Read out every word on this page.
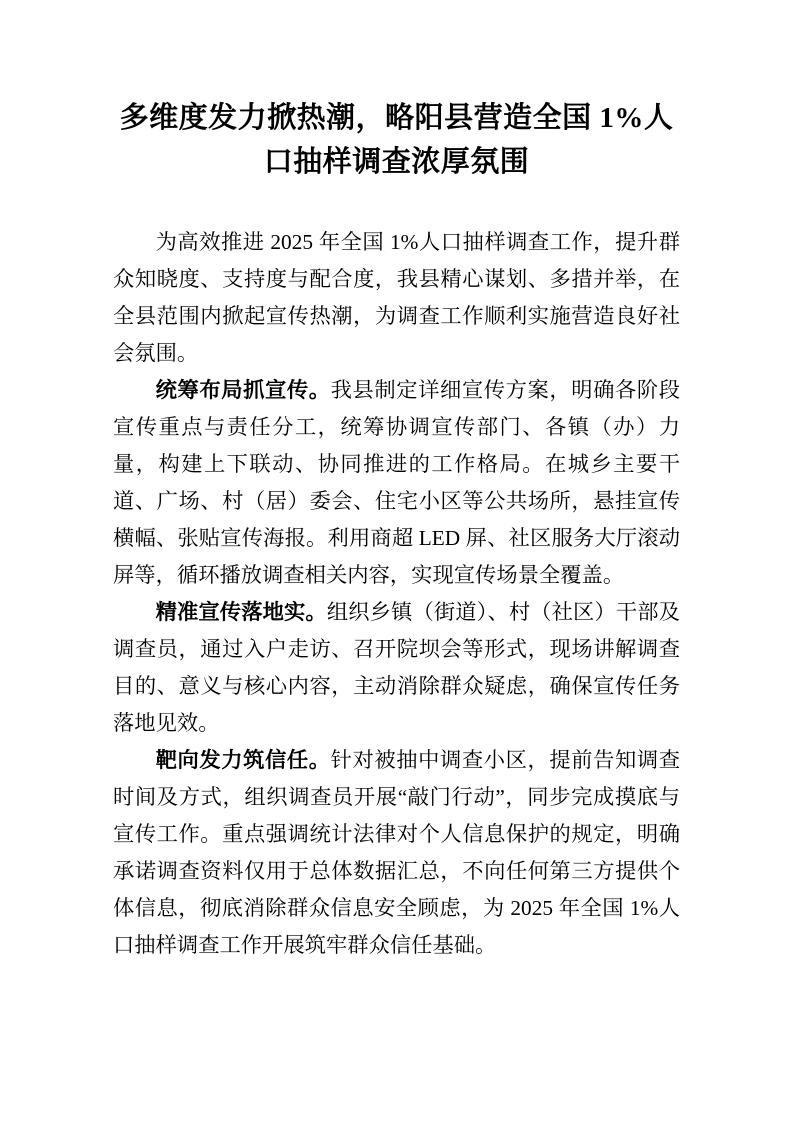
多维度发力掀热潮，略阳县营造全国 1%人口抽样调查浓厚氛围

为高效推进 2025 年全国 1%人口抽样调查工作，提升群众知晓度、支持度与配合度，我县精心谋划、多措并举，在全县范围内掀起宣传热潮，为调查工作顺利实施营造良好社会氛围。

统筹布局抓宣传。我县制定详细宣传方案，明确各阶段宣传重点与责任分工，统筹协调宣传部门、各镇（办）力量，构建上下联动、协同推进的工作格局。在城乡主要干道、广场、村（居）委会、住宅小区等公共场所，悬挂宣传横幅、张贴宣传海报。利用商超 LED 屏、社区服务大厅滚动屏等，循环播放调查相关内容，实现宣传场景全覆盖。

精准宣传落地实。组织乡镇（街道）、村（社区）干部及调查员，通过入户走访、召开院坝会等形式，现场讲解调查目的、意义与核心内容，主动消除群众疑虑，确保宣传任务落地见效。

靶向发力筑信任。针对被抽中调查小区，提前告知调查时间及方式，组织调查员开展“敲门行动”，同步完成摸底与宣传工作。重点强调统计法律对个人信息保护的规定，明确承诺调查资料仅用于总体数据汇总，不向任何第三方提供个体信息，彻底消除群众信息安全顾虑，为 2025 年全国 1%人口抽样调查工作开展筑牢群众信任基础。
